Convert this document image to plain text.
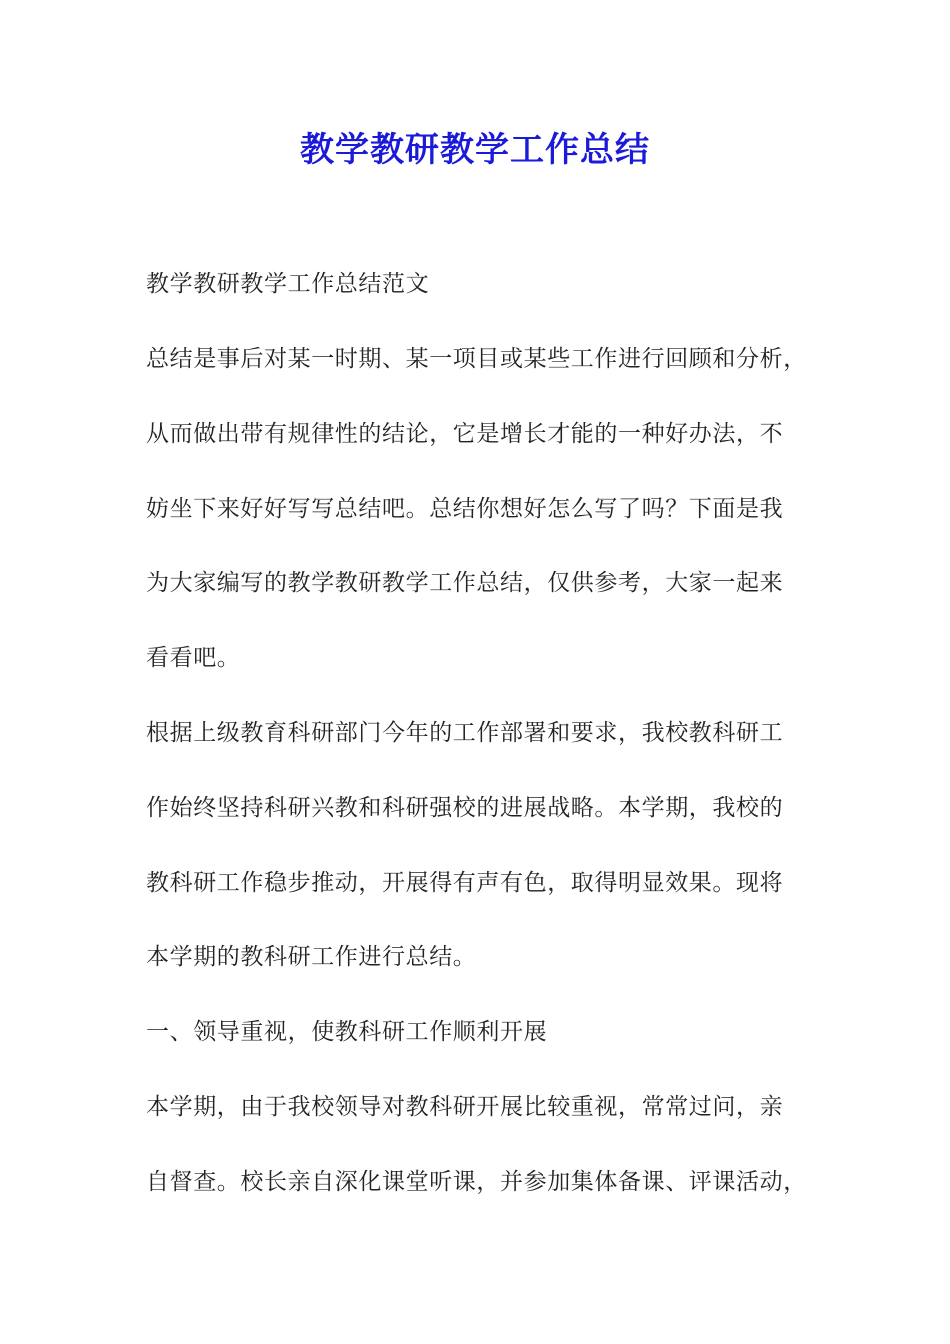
教学教研教学工作总结
教学教研教学工作总结范文
总结是事后对某一时期、某一项目或某些工作进行回顾和分析，
从而做出带有规律性的结论，它是增长才能的一种好办法，不
妨坐下来好好写写总结吧。总结你想好怎么写了吗？下面是我
为大家编写的教学教研教学工作总结，仅供参考，大家一起来
看看吧。
根据上级教育科研部门今年的工作部署和要求，我校教科研工
作始终坚持科研兴教和科研强校的进展战略。本学期，我校的
教科研工作稳步推动，开展得有声有色，取得明显效果。现将
本学期的教科研工作进行总结。
一、领导重视，使教科研工作顺利开展
本学期，由于我校领导对教科研开展比较重视，常常过问，亲
自督查。校长亲自深化课堂听课，并参加集体备课、评课活动，
